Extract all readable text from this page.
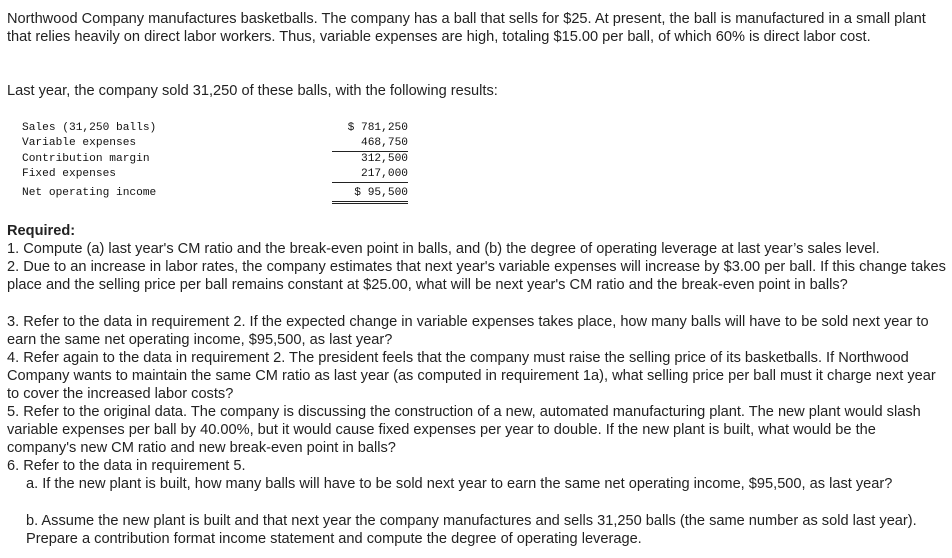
Northwood Company manufactures basketballs. The company has a ball that sells for $25. At present, the ball is manufactured in a small plant that relies heavily on direct labor workers. Thus, variable expenses are high, totaling $15.00 per ball, of which 60% is direct labor cost.

Last year, the company sold 31,250 of these balls, with the following results:

Sales (31,250 balls)	$ 781,250
Variable expenses	468,750
Contribution margin	312,500
Fixed expenses	217,000
Net operating income	$ 95,500

Required:

1. Compute (a) last year's CM ratio and the break-even point in balls, and (b) the degree of operating leverage at last year’s sales level.

2. Due to an increase in labor rates, the company estimates that next year's variable expenses will increase by $3.00 per ball. If this change takes place and the selling price per ball remains constant at $25.00, what will be next year's CM ratio and the break-even point in balls?

3. Refer to the data in requirement 2. If the expected change in variable expenses takes place, how many balls will have to be sold next year to earn the same net operating income, $95,500, as last year?

4. Refer again to the data in requirement 2. The president feels that the company must raise the selling price of its basketballs. If Northwood Company wants to maintain the same CM ratio as last year (as computed in requirement 1a), what selling price per ball must it charge next year to cover the increased labor costs?

5. Refer to the original data. The company is discussing the construction of a new, automated manufacturing plant. The new plant would slash variable expenses per ball by 40.00%, but it would cause fixed expenses per year to double. If the new plant is built, what would be the company's new CM ratio and new break-even point in balls?

6. Refer to the data in requirement 5.

a. If the new plant is built, how many balls will have to be sold next year to earn the same net operating income, $95,500, as last year?

b. Assume the new plant is built and that next year the company manufactures and sells 31,250 balls (the same number as sold last year). Prepare a contribution format income statement and compute the degree of operating leverage.
